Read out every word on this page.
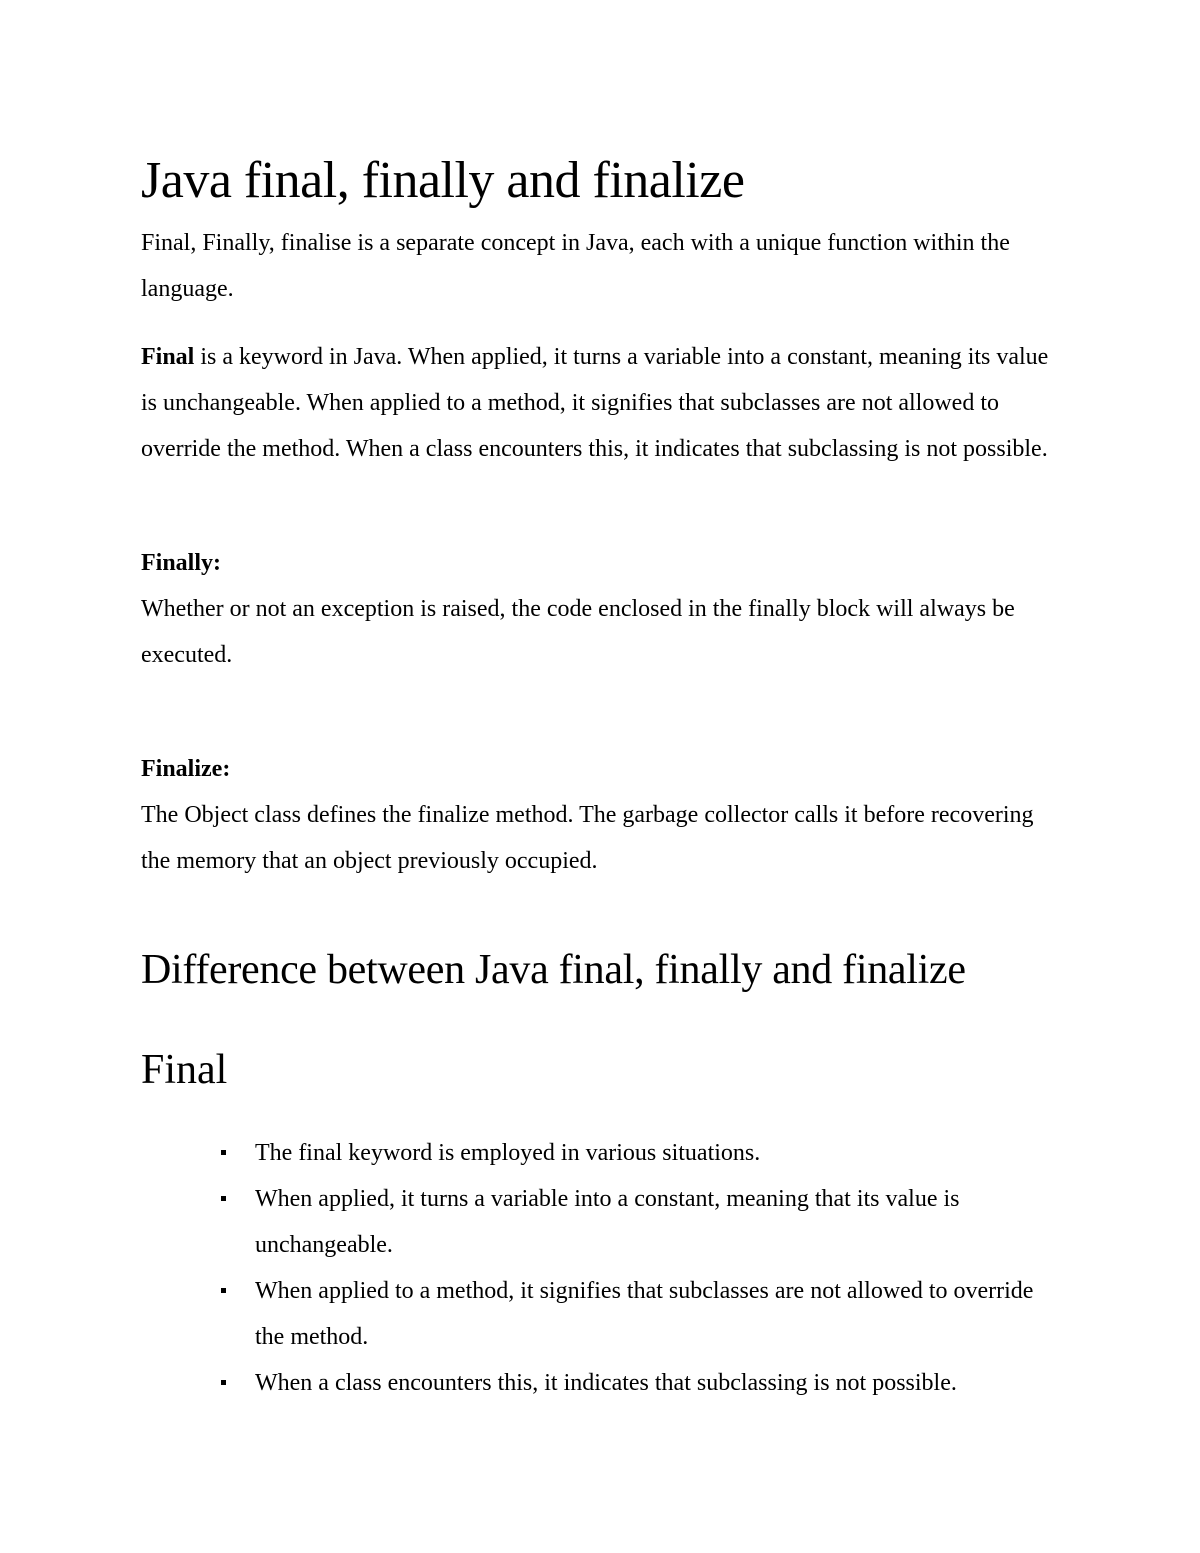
Java final, finally and finalize

Final, Finally, finalise is a separate concept in Java, each with a unique function within the language.

Final is a keyword in Java. When applied, it turns a variable into a constant, meaning its value is unchangeable. When applied to a method, it signifies that subclasses are not allowed to override the method. When a class encounters this, it indicates that subclassing is not possible.

Finally:

Whether or not an exception is raised, the code enclosed in the finally block will always be executed.

Finalize:

The Object class defines the finalize method. The garbage collector calls it before recovering the memory that an object previously occupied.

Difference between Java final, finally and finalize
Final
The final keyword is employed in various situations.
When applied, it turns a variable into a constant, meaning that its value is unchangeable.
When applied to a method, it signifies that subclasses are not allowed to override the method.
When a class encounters this, it indicates that subclassing is not possible.
